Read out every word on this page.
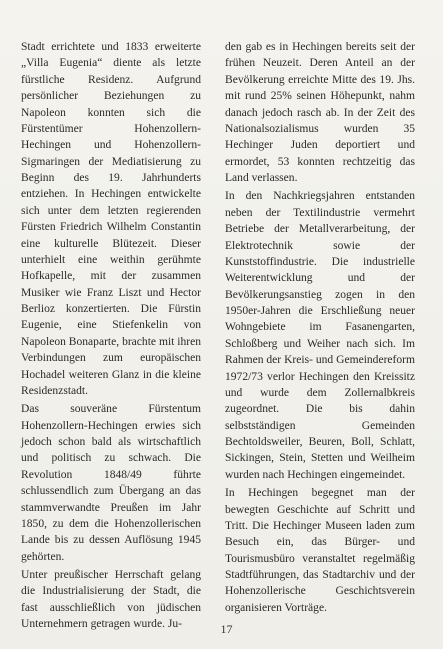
Stadt errichtete und 1833 erweiterte „Villa Eugenia“ diente als letzte fürstliche Residenz. Aufgrund persönlicher Beziehungen zu Napoleon konnten sich die Fürstentümer Hohenzollern-Hechingen und Hohenzollern-Sigmaringen der Mediatisierung zu Beginn des 19. Jahrhunderts entziehen. In Hechingen entwickelte sich unter dem letzten regierenden Fürsten Friedrich Wilhelm Constantin eine kulturelle Blütezeit. Dieser unterhielt eine weithin gerühmte Hofkapelle, mit der zusammen Musiker wie Franz Liszt und Hector Berlioz konzertierten. Die Fürstin Eugenie, eine Stiefenkelin von Napoleon Bonaparte, brachte mit ihren Verbindungen zum europäischen Hochadel weiteren Glanz in die kleine Residenzstadt.

Das souveräne Fürstentum Hohenzollern-Hechingen erwies sich jedoch schon bald als wirtschaftlich und politisch zu schwach. Die Revolution 1848/49 führte schlussendlich zum Übergang an das stammverwandte Preußen im Jahr 1850, zu dem die Hohenzollerischen Lande bis zu dessen Auflösung 1945 gehörten.

Unter preußischer Herrschaft gelang die Industrialisierung der Stadt, die fast ausschließlich von jüdischen Unternehmern getragen wurde. Ju-

den gab es in Hechingen bereits seit der frühen Neuzeit. Deren Anteil an der Bevölkerung erreichte Mitte des 19. Jhs. mit rund 25% seinen Höhepunkt, nahm danach jedoch rasch ab. In der Zeit des Nationalsozialismus wurden 35 Hechinger Juden deportiert und ermordet, 53 konnten rechtzeitig das Land verlassen.

In den Nachkriegsjahren entstanden neben der Textilindustrie vermehrt Betriebe der Metallverarbeitung, der Elektrotechnik sowie der Kunststoffindustrie. Die industrielle Weiterentwicklung und der Bevölkerungsanstieg zogen in den 1950er-Jahren die Erschließung neuer Wohngebiete im Fasanengarten, Schloßberg und Weiher nach sich. Im Rahmen der Kreis- und Gemeindereform 1972/73 verlor Hechingen den Kreissitz und wurde dem Zollernalbkreis zugeordnet. Die bis dahin selbstständigen Gemeinden Bechtoldsweiler, Beuren, Boll, Schlatt, Sickingen, Stein, Stetten und Weilheim wurden nach Hechingen eingemeindet.

In Hechingen begegnet man der bewegten Geschichte auf Schritt und Tritt. Die Hechinger Museen laden zum Besuch ein, das Bürger- und Tourismusbüro veranstaltet regelmäßig Stadtführungen, das Stadtarchiv und der Hohenzollerische Geschichtsverein organisieren Vorträge.

17
